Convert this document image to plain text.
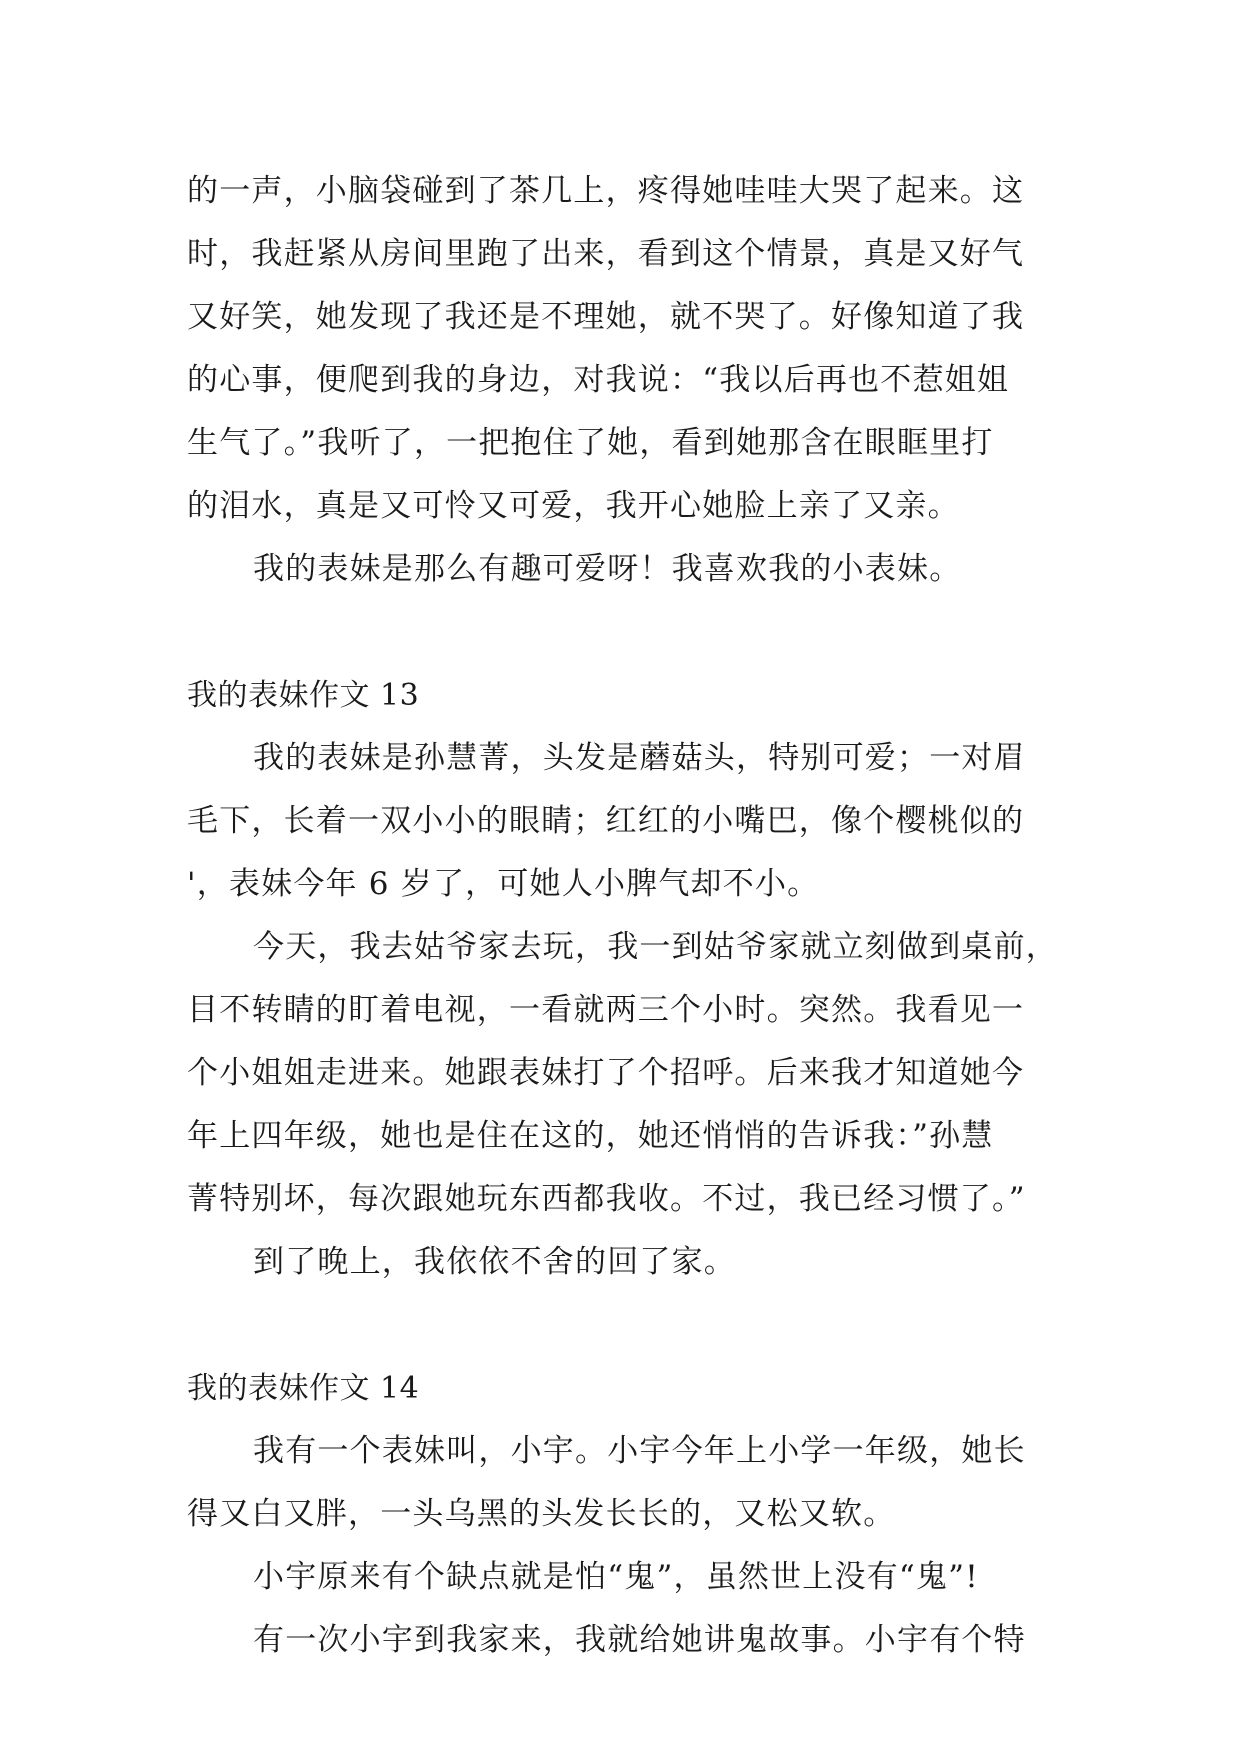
的一声，小脑袋碰到了茶几上，疼得她哇哇大哭了起来。这
时，我赶紧从房间里跑了出来，看到这个情景，真是又好气
又好笑，她发现了我还是不理她，就不哭了。好像知道了我
的心事，便爬到我的身边，对我说：“我以后再也不惹姐姐
生气了。”我听了，一把抱住了她，看到她那含在眼眶里打
的泪水，真是又可怜又可爱，我开心她脸上亲了又亲。
我的表妹是那么有趣可爱呀！我喜欢我的小表妹。
我的表妹作文 13
我的表妹是孙慧菁，头发是蘑菇头，特别可爱；一对眉
毛下，长着一双小小的眼睛；红红的小嘴巴，像个樱桃似的
'，表妹今年 6 岁了，可她人小脾气却不小。
今天，我去姑爷家去玩，我一到姑爷家就立刻做到桌前，
目不转睛的盯着电视，一看就两三个小时。突然。我看见一
个小姐姐走进来。她跟表妹打了个招呼。后来我才知道她今
年上四年级，她也是住在这的，她还悄悄的告诉我：”孙慧
菁特别坏，每次跟她玩东西都我收。不过，我已经习惯了。”
到了晚上，我依依不舍的回了家。
我的表妹作文 14
我有一个表妹叫，小宇。小宇今年上小学一年级，她长
得又白又胖，一头乌黑的头发长长的，又松又软。
小宇原来有个缺点就是怕“鬼”，虽然世上没有“鬼”!
有一次小宇到我家来，我就给她讲鬼故事。小宇有个特
